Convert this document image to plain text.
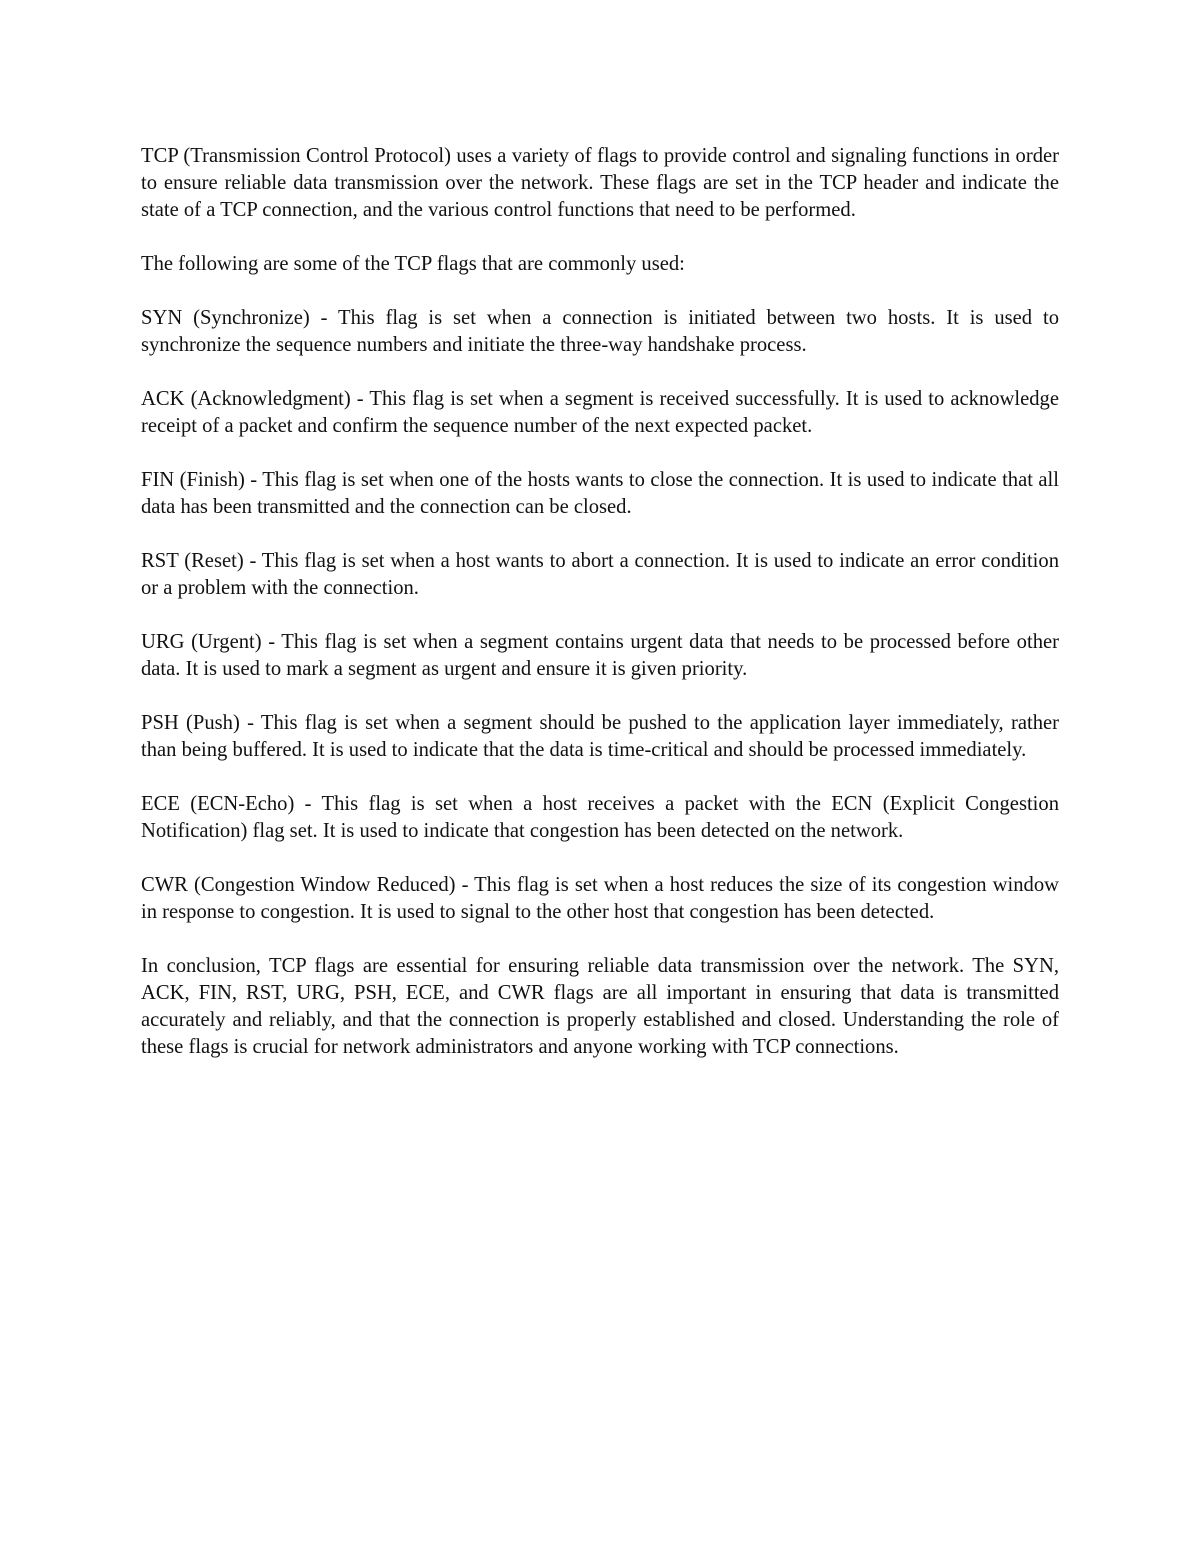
TCP (Transmission Control Protocol) uses a variety of flags to provide control and signaling functions in order to ensure reliable data transmission over the network. These flags are set in the TCP header and indicate the state of a TCP connection, and the various control functions that need to be performed.

The following are some of the TCP flags that are commonly used:

SYN (Synchronize) - This flag is set when a connection is initiated between two hosts. It is used to synchronize the sequence numbers and initiate the three-way handshake process.

ACK (Acknowledgment) - This flag is set when a segment is received successfully. It is used to acknowledge receipt of a packet and confirm the sequence number of the next expected packet.

FIN (Finish) - This flag is set when one of the hosts wants to close the connection. It is used to indicate that all data has been transmitted and the connection can be closed.

RST (Reset) - This flag is set when a host wants to abort a connection. It is used to indicate an error condition or a problem with the connection.

URG (Urgent) - This flag is set when a segment contains urgent data that needs to be processed before other data. It is used to mark a segment as urgent and ensure it is given priority.

PSH (Push) - This flag is set when a segment should be pushed to the application layer immediately, rather than being buffered. It is used to indicate that the data is time-critical and should be processed immediately.

ECE (ECN-Echo) - This flag is set when a host receives a packet with the ECN (Explicit Congestion Notification) flag set. It is used to indicate that congestion has been detected on the network.

CWR (Congestion Window Reduced) - This flag is set when a host reduces the size of its congestion window in response to congestion. It is used to signal to the other host that congestion has been detected.

In conclusion, TCP flags are essential for ensuring reliable data transmission over the network. The SYN, ACK, FIN, RST, URG, PSH, ECE, and CWR flags are all important in ensuring that data is transmitted accurately and reliably, and that the connection is properly established and closed. Understanding the role of these flags is crucial for network administrators and anyone working with TCP connections.
